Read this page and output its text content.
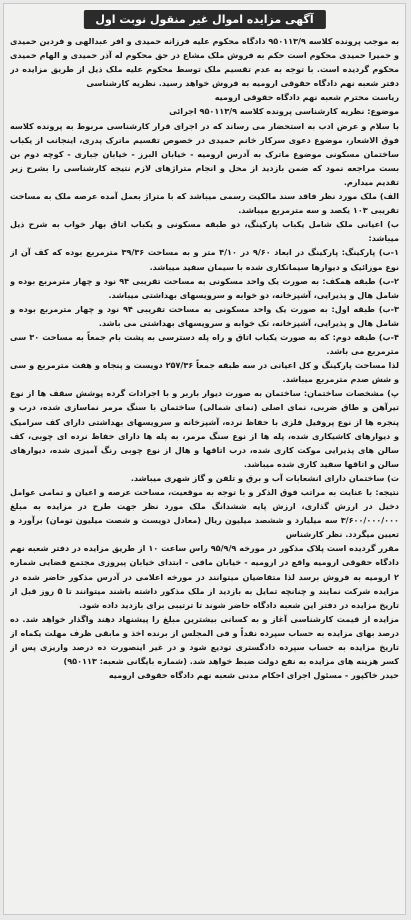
آگهی مزایده اموال غیر منقول نوبت اول

به موجب پرونده کلاسه ۹۵۰۱۱۳/۹ دادگاه محکوم علیه فرزانه حمیدی و افر عبدالهی و فردین حمیدی و حمیرا حمیدی محکوم است حکم به فروش ملک مشاع در حق محکوم له آذر حمیدی و الهام حمیدی محکوم گردیده است. با توجه به عدم تقسیم ملک توسط محکوم علیه ملک ذیل از طریق مزایده در دفتر شعبه نهم دادگاه حقوقی ارومیه به فروش خواهد رسید. نظریه کارشناسی

ریاست محترم شعبه نهم دادگاه حقوقی ارومیه

موضوع: نظریه کارشناسی پرونده کلاسه ۹۵۰۱۱۳/۹ اجرائی

با سلام و عرض ادب به استحضار می رساند که در اجرای قرار کارشناسی مربوط به پرونده کلاسه فوق الاشعار، موضوع دعوی سرکار خانم حمیدی در خصوص تقسیم ماترک پدری، اینجانب از یکباب ساختمان مسکونی موضوع ماترک به آدرس ارومیه - خیابان البرز - خیابان جباری - کوچه دوم بن بست مراجعه نمود که ضمن بازدید از محل و انجام متراژهای لازم نتیجه کارشناسی را بشرح زیر تقدیم میدارم.

الف) ملک مورد نظر فاقد سند مالکیت رسمی میباشد که با متراژ بعمل آمده عرصه ملک به مساحت تقریبی ۱۰۳ یکصد و سه مترمربع میباشد.

ب) اعیانی ملک شامل یکباب پارکینگ، دو طبقه مسکونی و یکباب اتاق بهار خواب به شرح ذیل میباشد:

۱-ب) پارکینگ: پارکینگ در ابعاد ۹/۶۰ در ۴/۱۰ متر و به مساحت ۳۹/۳۶ مترمربع بوده که کف آن از نوع موزائیک و دیوارها سیمانکاری شده با سیمان سفید میباشد.

۲-ب) طبقه همکف: به صورت یک واحد مسکونی به مساحت تقریبی ۹۴ نود و چهار مترمربع بوده و شامل هال و پذیرایی، آشپزخانه، دو خوابه و سرویسهای بهداشتی میباشد.

۳-ب) طبقه اول: به صورت یک واحد مسکونی به مساحت تقریبی ۹۴ نود و چهار مترمربع بوده و شامل هال و پذیرایی، آشپزخانه، تک خوابه و سرویسهای بهداشتی می باشد.

۴-ب) طبقه دوم: که به صورت یکباب اتاق و راه پله دسترسی به پشت بام جمعاً به مساحت ۳۰ سی مترمربع می باشد.

لذا مساحت پارکینگ و کل اعیانی در سه طبقه جمعاً ۲۵۷/۳۶ دویست و پنجاه و هفت مترمربع و سی و شش صدم مترمربع میباشد.

پ) مشخصات ساختمان: ساختمان به صورت دیوار باربر و با اجرادات گرده پوشش سقف ها از نوع تیرآهن و طاق ضربی، نمای اصلی (نمای شمالی) ساختمان با سنگ مرمر نماسازی شده، درب و پنجره ها از نوع پروفیل فلزی با حفاظ نرده، آشپزخانه و سرویسهای بهداشتی دارای کف سرامیک و دیوارهای کاشیکاری شده، پله ها از نوع سنگ مرمر، به پله ها دارای حفاظ نرده ای چوبی، کف سالن های پذیرایی موکت کاری شده، درب اتاقها و هال از نوع چوبی رنگ آمیزی شده، دیوارهای سالن و اتاقها سفید کاری شده میباشد.

ت) ساختمان دارای انشعابات آب و برق و تلفن و گاز شهری میباشد.

نتیجه: با عنایت به مراتب فوق الذکر و با توجه به موقعیت، مساحت عرصه و اعیان و تمامی عوامل دخیل در ارزش گذاری، ارزش پایه ششدانگ ملک مورد نظر جهت طرح در مزایده به مبلغ ۳/۶۰۰/۰۰۰/۰۰۰ سه میلیارد و ششصد میلیون ریال (معادل دویست و شصت میلیون تومان) برآورد و تعیین میگردد. نظر کارشناس

مقرر گردیده است پلاک مذکور در مورخه ۹۵/۹/۹ راس ساعت ۱۰ از طریق مزایده در دفتر شعبه نهم دادگاه حقوقی ارومیه واقع در ارومیه - خیابان مافی - ابتدای خیابان پیروزی مجتمع قضایی شماره ۲ ارومیه به فروش برسد لذا متقاضیان میتوانند در مورخه اعلامی در آدرس مذکور حاضر شده در مزایده شرکت نمایند و چنانچه تمایل به بازدید از ملک مذکور داشته باشند میتوانند تا ۵ روز قبل از تاریخ مزایده در دفتر این شعبه دادگاه حاضر شوند تا ترتیبی برای بازدید داده شود.

مزایده از قیمت کارشناسی آغاز و به کسانی بیشترین مبلغ را پیشنهاد دهند واگذار خواهد شد. ده درصد بهای مزایده به حساب سپرده نقداً و فی المجلس از برنده اخذ و مابقی ظرف مهلت یکماه از تاریخ مزایده به حساب سپرده دادگستری تودیع شود و در غیر اینصورت ده درصد واریزی پس از کسر هزینه های مزایده به نفع دولت ضبط خواهد شد. (شماره بایگانی شعبه: ۹۵۰۱۱۳)

حیدر خاکپور - مسئول اجرای احکام مدنی شعبه نهم دادگاه حقوقی ارومیه
